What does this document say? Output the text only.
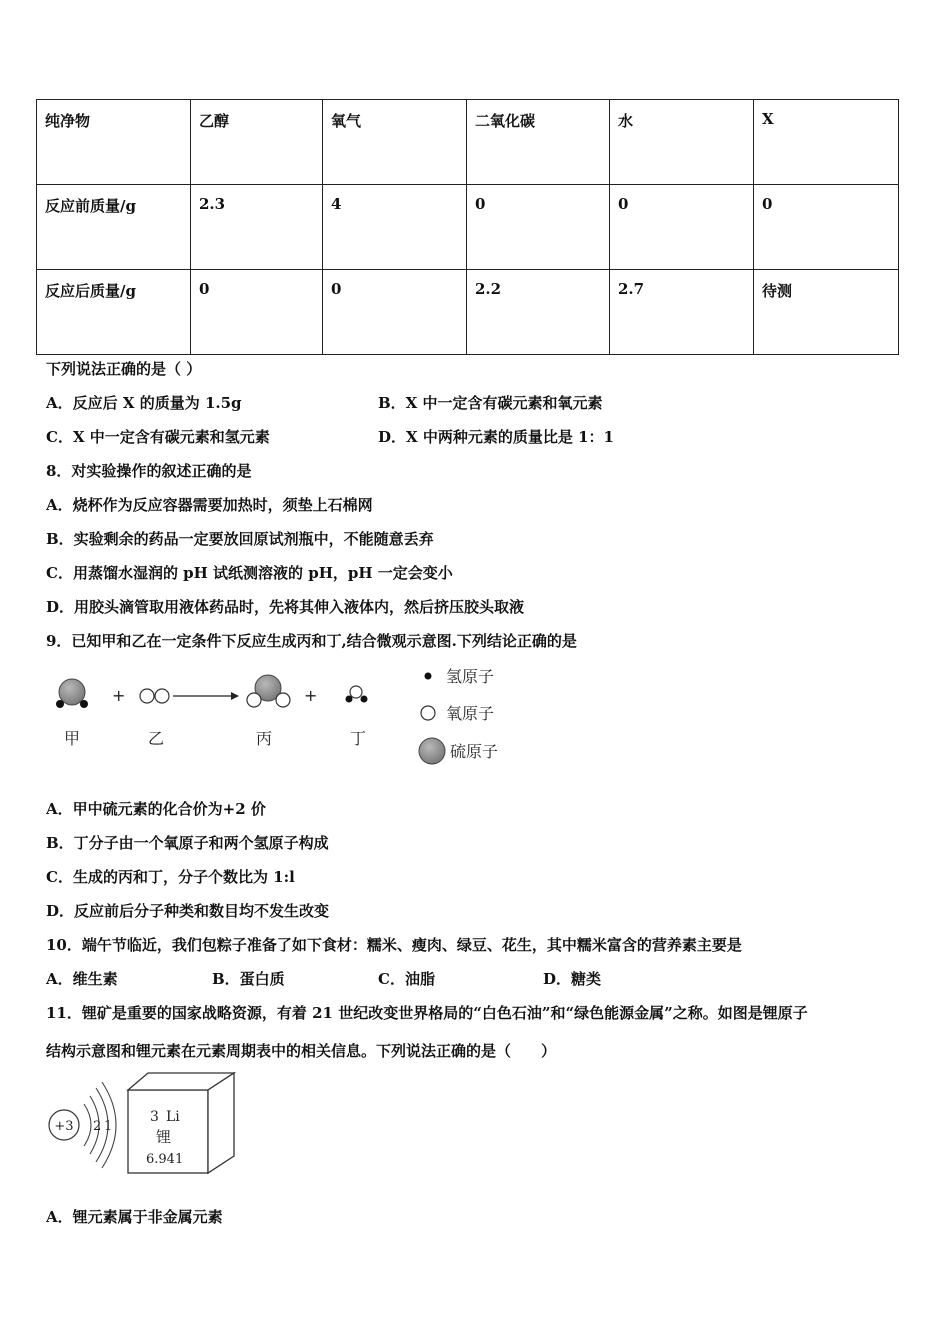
纯净物	乙醇	氧气	二氧化碳	水	X
反应前质量/g	2.3	4	0	0	0
反应后质量/g	0	0	2.2	2.7	待测
下列说法正确的是（ ）
A．反应后 X 的质量为 1.5g	B．X 中一定含有碳元素和氧元素
C．X 中一定含有碳元素和氢元素	D．X 中两种元素的质量比是 1：1
8．对实验操作的叙述正确的是
A．烧杯作为反应容器需要加热时，须垫上石棉网
B．实验剩余的药品一定要放回原试剂瓶中，不能随意丢弃
C．用蒸馏水湿润的 pH 试纸测溶液的 pH，pH 一定会变小
D．用胶头滴管取用液体药品时，先将其伸入液体内，然后挤压胶头取液
9．已知甲和乙在一定条件下反应生成丙和丁,结合微观示意图.下列结论正确的是
+	+
甲	乙	丙	丁
氢原子
氧原子
硫原子
A．甲中硫元素的化合价为+2 价
B．丁分子由一个氧原子和两个氢原子构成
C．生成的丙和丁，分子个数比为 1:l
D．反应前后分子种类和数目均不发生改变
10．端午节临近，我们包粽子准备了如下食材：糯米、瘦肉、绿豆、花生，其中糯米富含的营养素主要是
A．维生素	B．蛋白质	C．油脂	D．糖类
11．锂矿是重要的国家战略资源，有着 21 世纪改变世界格局的“白色石油”和“绿色能源金属”之称。如图是锂原子
结构示意图和锂元素在元素周期表中的相关信息。下列说法正确的是（　　）
+3 2 1
3 Li
锂
6.941
A．锂元素属于非金属元素
